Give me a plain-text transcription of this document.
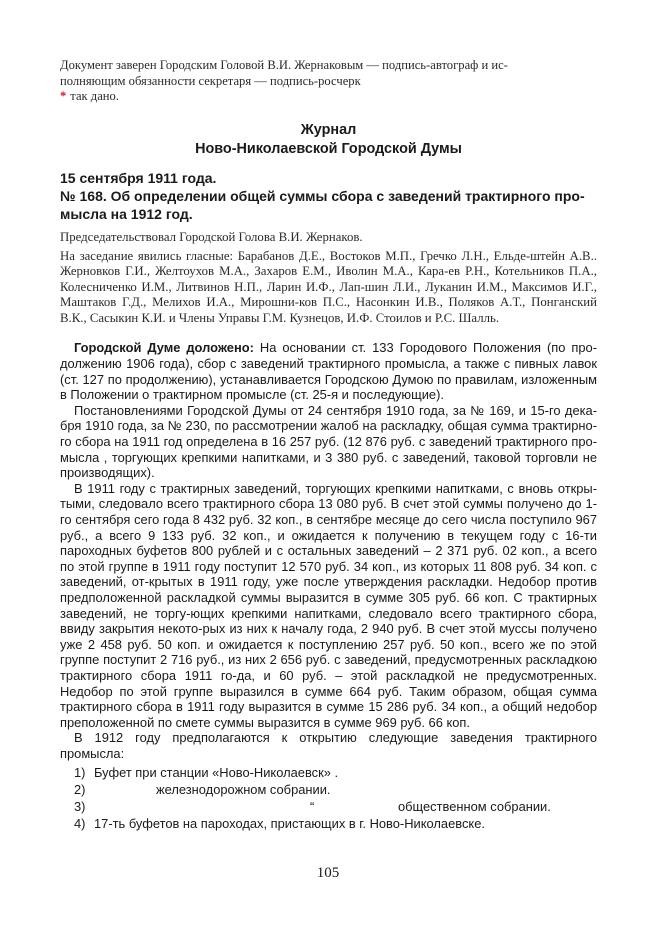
Документ заверен Городским Головой В.И. Жернаковым — подпись-автограф и ис-
полняющим обязанности секретаря — подпись-росчерк
* так дано.
Журнал
Ново-Николаевской Городской Думы
15 сентября 1911 года.
№ 168. Об определении общей суммы сбора с заведений трактирного про-мысла на 1912 год.
Председательствовал Городской Голова В.И. Жернаков.
На заседание явились гласные: Барабанов Д.Е., Востоков М.П., Гречко Л.Н., Ельде-штейн А.В.. Жерновков Г.И., Желтоухов М.А., Захаров Е.М., Иволин М.А., Кара-ев Р.Н., Котельников П.А., Колесниченко И.М., Литвинов Н.П., Ларин И.Ф., Лап-шин Л.И., Луканин И.М., Максимов И.Г., Маштаков Г.Д., Мелихов И.А., Мирошни-ков П.С., Насонкин И.В., Поляков А.Т., Понганский В.К., Сасыкин К.И. и Члены Управы Г.М. Кузнецов, И.Ф. Стоилов и Р.С. Шалль.

Городской Думе доложено: На основании ст. 133 Городового Положения (по про-должению 1906 года), сбор с заведений трактирного промысла, а также с пивных лавок (ст. 127 по продолжению), устанавливается Городскою Думою по правилам, изложенным в Положении о трактирном промысле (ст. 25-я и последующие).

Постановлениями Городской Думы от 24 сентября 1910 года, за № 169, и 15-го дека-бря 1910 года, за № 230, по рассмотрении жалоб на раскладку, общая сумма трактирно-го сбора на 1911 год определена в 16 257 руб. (12 876 руб. с заведений трактирного про-мысла , торгующих крепкими напитками, и 3 380 руб. с заведений, таковой торговли не производящих).

В 1911 году с трактирных заведений, торгующих крепкими напитками, с вновь откры-тыми, следовало всего трактирного сбора 13 080 руб. В счет этой суммы получено до 1-го сентября сего года 8 432 руб. 32 коп., в сентябре месяце до сего числа поступило 967 руб., а всего 9 133 руб. 32 коп., и ожидается к получению в текущем году с 16-ти пароходных буфетов 800 рублей и с остальных заведений – 2 371 руб. 02 коп., а всего по этой группе в 1911 году поступит 12 570 руб. 34 коп., из которых 11 808 руб. 34 коп. с заведений, от-крытых в 1911 году, уже после утверждения раскладки. Недобор против предположенной раскладкой суммы выразится в сумме 305 руб. 66 коп. С трактирных заведений, не торгу-ющих крепкими напитками, следовало всего трактирного сбора, ввиду закрытия некото-рых из них к началу года, 2 940 руб. В счет этой муссы получено уже 2 458 руб. 50 коп. и ожидается к поступлению 257 руб. 50 коп., всего же по этой группе поступит 2 716 руб., из них 2 656 руб. с заведений, предусмотренных раскладкою трактирного сбора 1911 го-да, и 60 руб. – этой раскладкой не предусмотренных. Недобор по этой группе выразился в сумме 664 руб. Таким образом, общая сумма трактирного сбора в 1911 году выразится в сумме 15 286 руб. 34 коп., а общий недобор преположенной по смете суммы выразится в сумме 969 руб. 66 коп.

В 1912 году предполагаются к открытию следующие заведения трактирного промысла:

1) Буфет при станции «Ново-Николаевск» .
2)	железнодорожном собрании.
3)	“	общественном собрании.
4) 17-ть буфетов на пароходах, пристающих в г. Ново-Николаевске.
105
